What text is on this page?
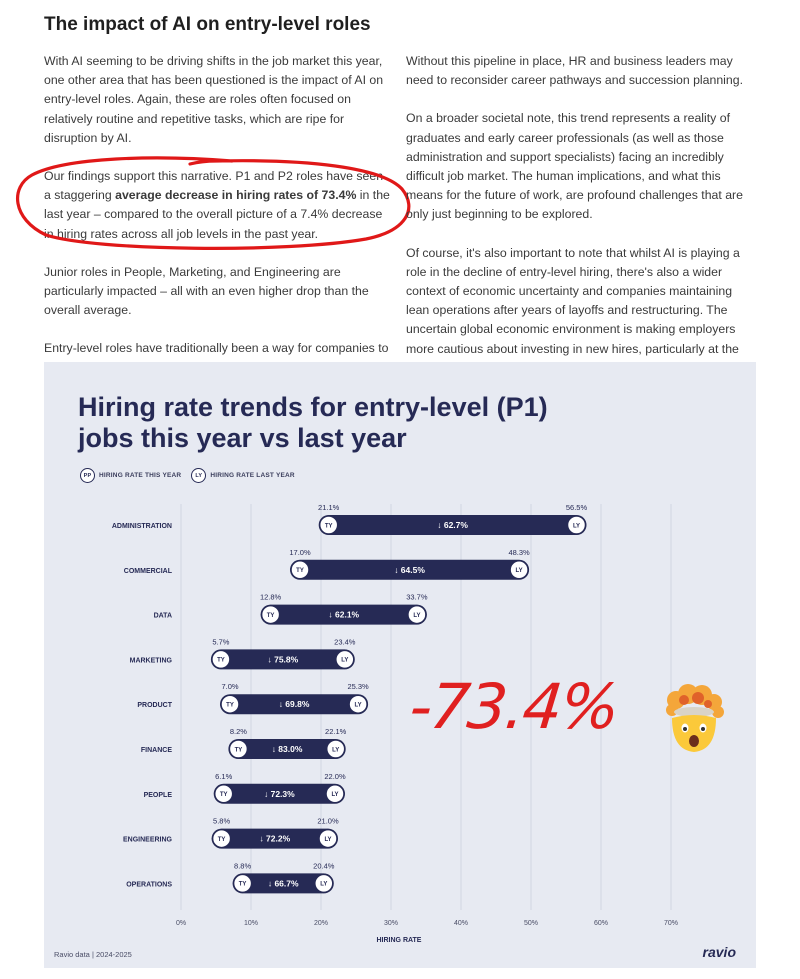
The impact of AI on entry-level roles

With AI seeming to be driving shifts in the job market this year, one other area that has been questioned is the impact of AI on entry-level roles. Again, these are roles often focused on relatively routine and repetitive tasks, which are ripe for disruption by AI.

Our findings support this narrative. P1 and P2 roles have seen a staggering average decrease in hiring rates of 73.4% in the last year – compared to the overall picture of a 7.4% decrease in hiring rates across all job levels in the past year.

Junior roles in People, Marketing, and Engineering are particularly impacted – all with an even higher drop than the overall average.

Entry-level roles have traditionally been a way for companies to

Without this pipeline in place, HR and business leaders may need to reconsider career pathways and succession planning.

On a broader societal note, this trend represents a reality of graduates and early career professionals (as well as those administration and support specialists) facing an incredibly difficult job market. The human implications, and what this means for the future of work, are profound challenges that are only just beginning to be explored.

Of course, it's also important to note that whilst AI is playing a role in the decline of entry-level hiring, there's also a wider context of economic uncertainty and companies maintaining lean operations after years of layoffs and restructuring. The uncertain global economic environment is making employers more cautious about investing in new hires, particularly at the

Hiring rate trends for entry-level (P1) jobs this year vs last year
PP	HIRING RATE THIS YEAR	LY	HIRING RATE LAST YEAR
0%	10%	20%	30%	40%	50%	60%	70%
HIRING RATE
ADMINISTRATION	TY	LY
21.1%	56.5%
↓ 62.7%
COMMERCIAL	TY	LY
17.0%	48.3%
↓ 64.5%
DATA	TY	LY
12.8%	33.7%
↓ 62.1%
MARKETING	TY	LY
5.7%	23.4%
↓ 75.8%
PRODUCT	TY	LY
7.0%	25.3%
↓ 69.8%
FINANCE	TY	LY
8.2%	22.1%
↓ 83.0%
PEOPLE	TY	LY
6.1%	22.0%
↓ 72.3%
ENGINEERING	TY	LY
5.8%	21.0%
↓ 72.2%
OPERATIONS	TY	LY
8.8%	20.4%
↓ 66.7%
Ravio data | 2024-2025	ravio
-73.4%
